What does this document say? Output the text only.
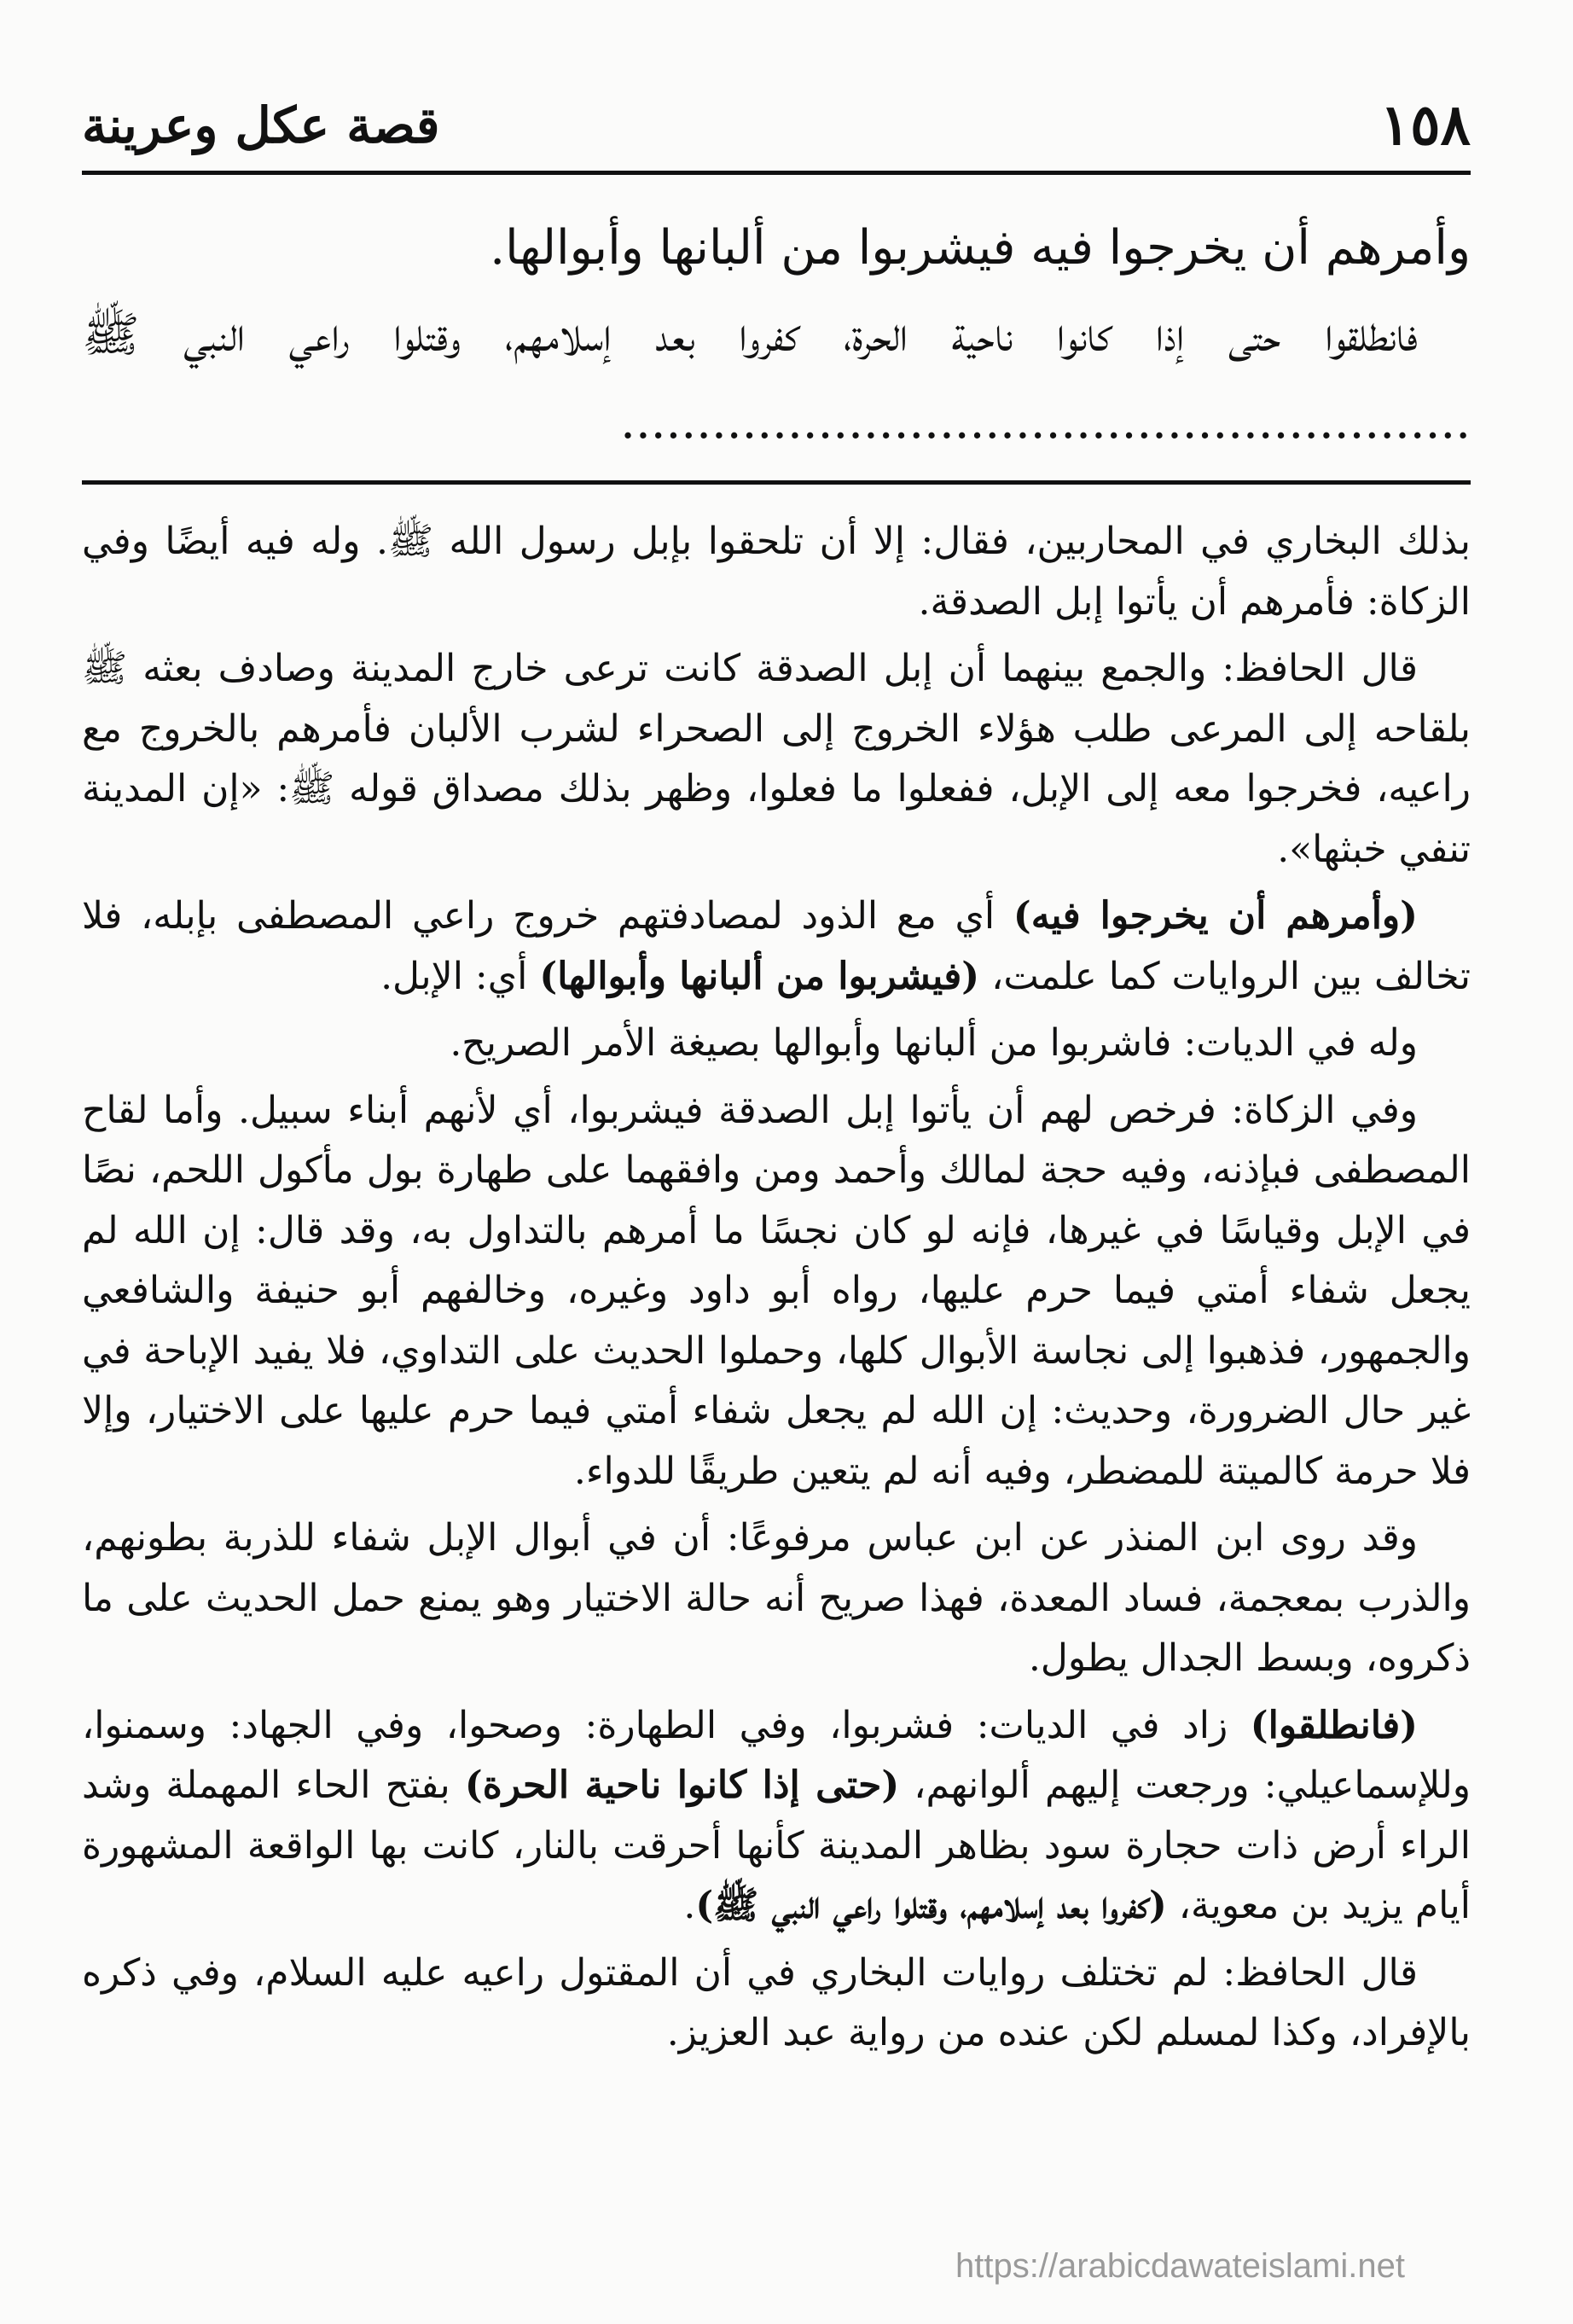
١٥٨
قصة عكل وعرينة

وأمرهم أن يخرجوا فيه فيشربوا من ألبانها وأبوالها.

فانطلقوا حتى إذا كانوا ناحية الحرة، كفروا بعد إسلامهم، وقتلوا راعي النبي ﷺ ........................................................

بذلك البخاري في المحاربين، فقال: إلا أن تلحقوا بإبل رسول الله ﷺ. وله فيه أيضًا وفي الزكاة: فأمرهم أن يأتوا إبل الصدقة.

قال الحافظ: والجمع بينهما أن إبل الصدقة كانت ترعى خارج المدينة وصادف بعثه ﷺ بلقاحه إلى المرعى طلب هؤلاء الخروج إلى الصحراء لشرب الألبان فأمرهم بالخروج مع راعيه، فخرجوا معه إلى الإبل، ففعلوا ما فعلوا، وظهر بذلك مصداق قوله ﷺ: «إن المدينة تنفي خبثها».

(وأمرهم أن يخرجوا فيه) أي مع الذود لمصادفتهم خروج راعي المصطفى بإبله، فلا تخالف بين الروايات كما علمت، (فيشربوا من ألبانها وأبوالها) أي: الإبل.

وله في الديات: فاشربوا من ألبانها وأبوالها بصيغة الأمر الصريح.

وفي الزكاة: فرخص لهم أن يأتوا إبل الصدقة فيشربوا، أي لأنهم أبناء سبيل. وأما لقاح المصطفى فبإذنه، وفيه حجة لمالك وأحمد ومن وافقهما على طهارة بول مأكول اللحم، نصًا في الإبل وقياسًا في غيرها، فإنه لو كان نجسًا ما أمرهم بالتداول به، وقد قال: إن الله لم يجعل شفاء أمتي فيما حرم عليها، رواه أبو داود وغيره، وخالفهم أبو حنيفة والشافعي والجمهور، فذهبوا إلى نجاسة الأبوال كلها، وحملوا الحديث على التداوي، فلا يفيد الإباحة في غير حال الضرورة، وحديث: إن الله لم يجعل شفاء أمتي فيما حرم عليها على الاختيار، وإلا فلا حرمة كالميتة للمضطر، وفيه أنه لم يتعين طريقًا للدواء.

وقد روى ابن المنذر عن ابن عباس مرفوعًا: أن في أبوال الإبل شفاء للذربة بطونهم، والذرب بمعجمة، فساد المعدة، فهذا صريح أنه حالة الاختيار وهو يمنع حمل الحديث على ما ذكروه، وبسط الجدال يطول.

(فانطلقوا) زاد في الديات: فشربوا، وفي الطهارة: وصحوا، وفي الجهاد: وسمنوا، وللإسماعيلي: ورجعت إليهم ألوانهم، (حتى إذا كانوا ناحية الحرة) بفتح الحاء المهملة وشد الراء أرض ذات حجارة سود بظاهر المدينة كأنها أحرقت بالنار، كانت بها الواقعة المشهورة أيام يزيد بن معوية، (كفروا بعد إسلامهم، وقتلوا راعي النبي ﷺ).

قال الحافظ: لم تختلف روايات البخاري في أن المقتول راعيه عليه السلام، وفي ذكره بالإفراد، وكذا لمسلم لكن عنده من رواية عبد العزيز.

https://arabicdawateislami.net
